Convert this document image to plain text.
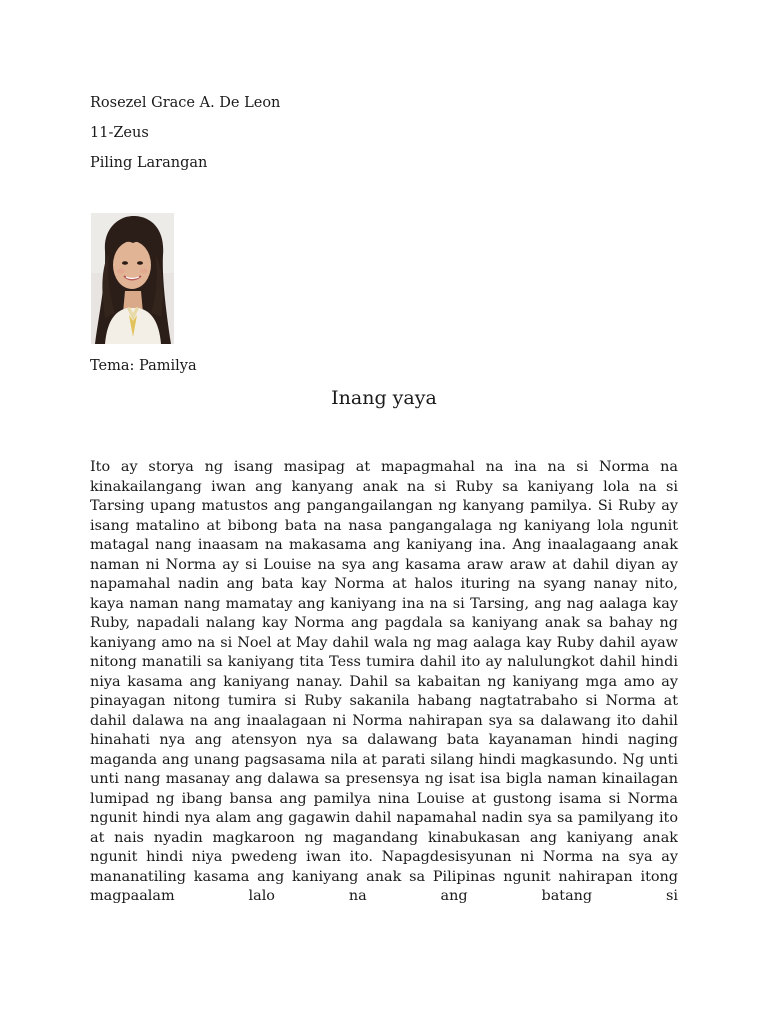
Rosezel Grace A. De Leon
11-Zeus
Piling Larangan
Tema: Pamilya
Inang yaya

Ito ay storya ng isang masipag at mapagmahal na ina na si Norma na kinakailangang iwan ang kanyang anak na si Ruby sa kaniyang lola na si Tarsing upang matustos ang pangangailangan ng kanyang pamilya. Si Ruby ay isang matalino at bibong bata na nasa pangangalaga ng kaniyang lola ngunit matagal nang inaasam na makasama ang kaniyang ina. Ang inaalagaang anak naman ni Norma ay si Louise na sya ang kasama araw araw at dahil diyan ay napamahal nadin ang bata kay Norma at halos ituring na syang nanay nito, kaya naman nang mamatay ang kaniyang ina na si Tarsing, ang nag aalaga kay Ruby, napadali nalang kay Norma ang pagdala sa kaniyang anak sa bahay ng kaniyang amo na si Noel at May dahil wala ng mag aalaga kay Ruby dahil ayaw nitong manatili sa kaniyang tita Tess tumira dahil ito ay nalulungkot dahil hindi niya kasama ang kaniyang nanay. Dahil sa kabaitan ng kaniyang mga amo ay pinayagan nitong tumira si Ruby sakanila habang nagtatrabaho si Norma at dahil dalawa na ang inaalagaan ni Norma nahirapan sya sa dalawang ito dahil hinahati nya ang atensyon nya sa dalawang bata kayanaman hindi naging maganda ang unang pagsasama nila at parati silang hindi magkasundo. Ng unti unti nang masanay ang dalawa sa presensya ng isat isa bigla naman kinailagan lumipad ng ibang bansa ang pamilya nina Louise at gustong isama si Norma ngunit hindi nya alam ang gagawin dahil napamahal nadin sya sa pamilyang ito at nais nyadin magkaroon ng magandang kinabukasan ang kaniyang anak ngunit hindi niya pwedeng iwan ito. Napagdesisyunan ni Norma na sya ay mananatiling kasama ang kaniyang anak sa Pilipinas ngunit nahirapan itong magpaalam lalo na ang batang si
